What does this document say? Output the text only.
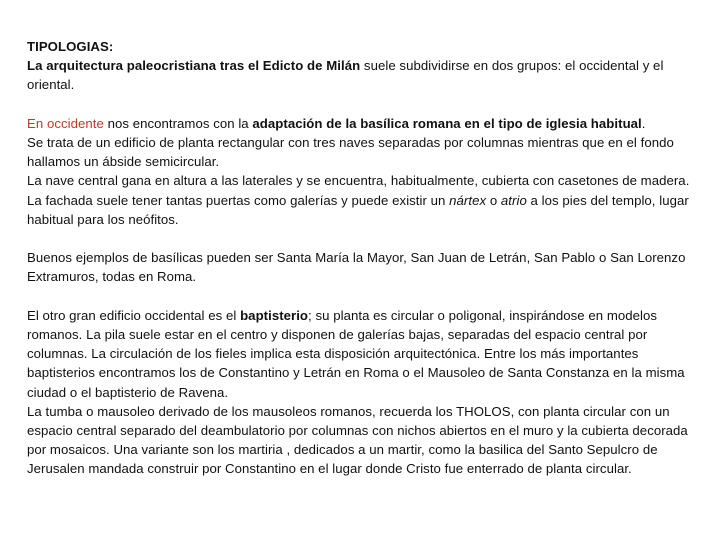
TIPOLOGIAS:
La arquitectura paleocristiana tras el Edicto de Milán suele subdividirse en dos grupos: el occidental y el oriental.
En occidente nos encontramos con la adaptación de la basílica romana en el tipo de iglesia habitual.
Se trata de un edificio de planta rectangular con tres naves separadas por columnas mientras que en el fondo hallamos un ábside semicircular.
La nave central gana en altura a las laterales y se encuentra, habitualmente, cubierta con casetones de madera. La fachada suele tener tantas puertas como galerías y puede existir un nártex o atrio a los pies del templo, lugar habitual para los neófitos.
Buenos ejemplos de basílicas pueden ser Santa María la Mayor, San Juan de Letrán, San Pablo o San Lorenzo Extramuros, todas en Roma.
El otro gran edificio occidental es el baptisterio; su planta es circular o poligonal, inspirándose en modelos romanos. La pila suele estar en el centro y disponen de galerías bajas, separadas del espacio central por columnas. La circulación de los fieles implica esta disposición arquitectónica. Entre los más importantes baptisterios encontramos los de Constantino y Letrán en Roma o el Mausoleo de Santa Constanza en la misma ciudad o el baptisterio de Ravena.
La tumba o mausoleo derivado de los mausoleos romanos, recuerda los THOLOS, con planta circular con un espacio central separado del deambulatorio por columnas con nichos abiertos en el muro y la cubierta decorada por mosaicos. Una variante son los martiria , dedicados a un martir, como la basilica del Santo Sepulcro de Jerusalen mandada construir por Constantino en el lugar donde Cristo fue enterrado de planta circular.
